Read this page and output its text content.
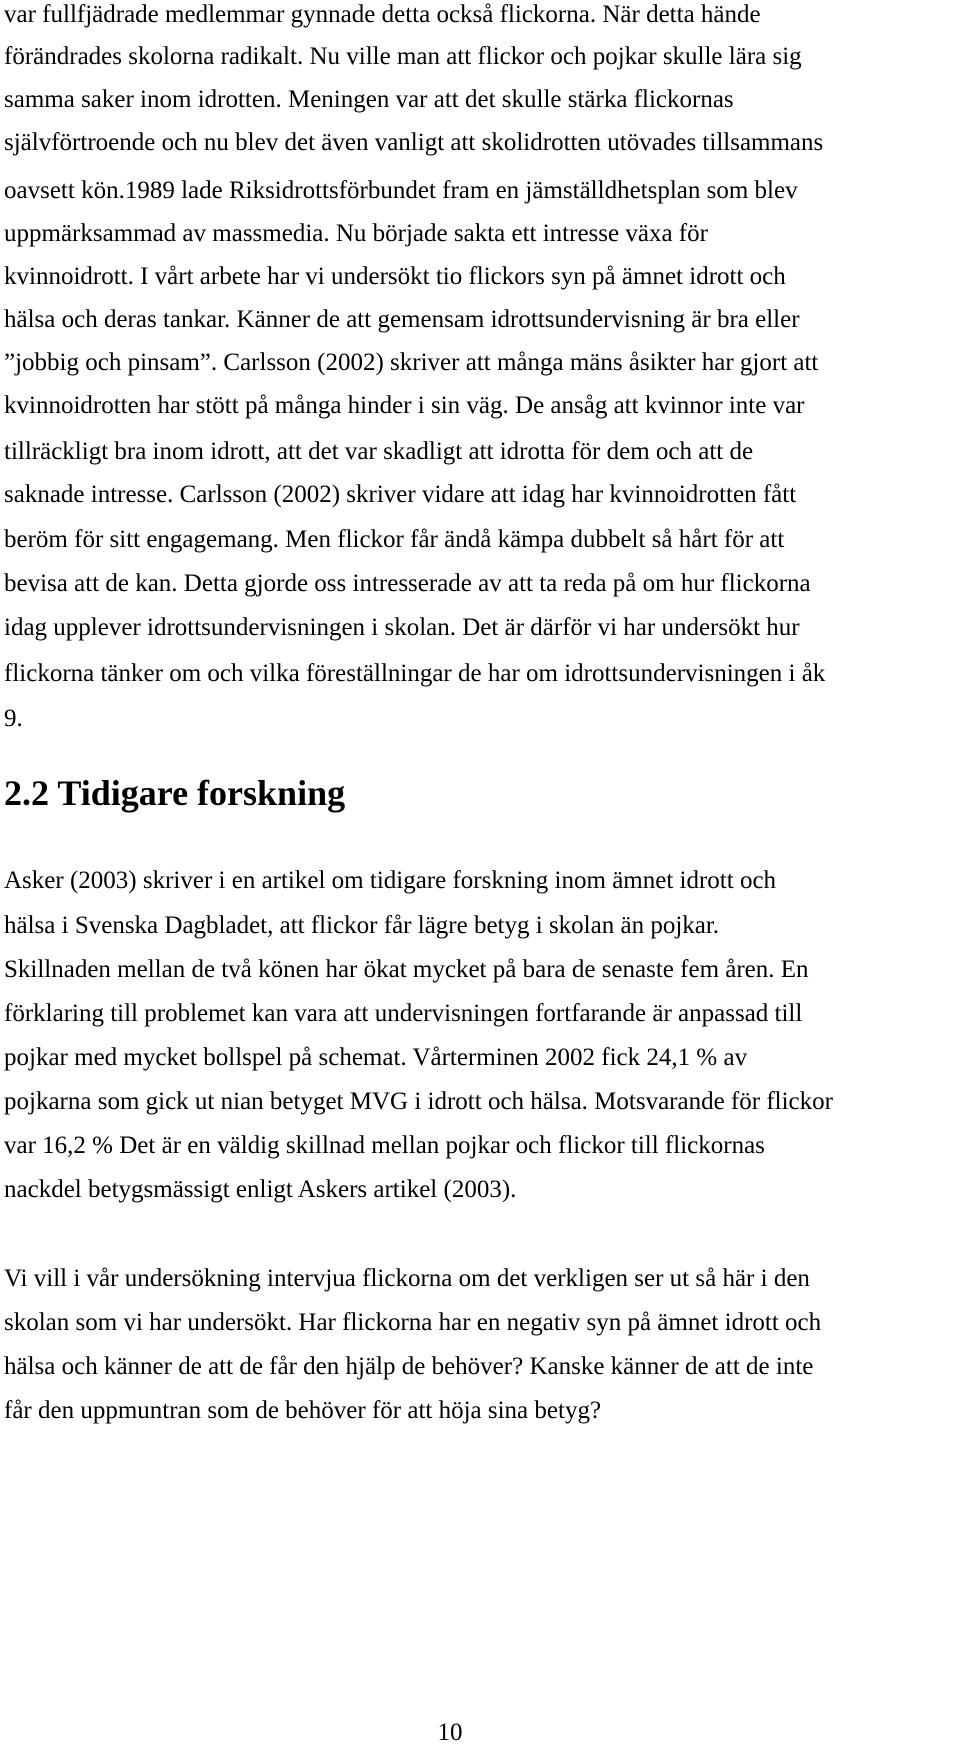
var fullfjädrade medlemmar gynnade detta också flickorna. När detta hände
förändrades skolorna radikalt. Nu ville man att flickor och pojkar skulle lära sig
samma saker inom idrotten. Meningen var att det skulle stärka flickornas
självförtroende och nu blev det även vanligt att skolidrotten utövades tillsammans
oavsett kön.1989 lade Riksidrottsförbundet fram en jämställdhetsplan som blev
uppmärksammad av massmedia. Nu började sakta ett intresse växa för
kvinnoidrott. I vårt arbete har vi undersökt tio flickors syn på ämnet idrott och
hälsa och deras tankar. Känner de att gemensam idrottsundervisning är bra eller
”jobbig och pinsam”. Carlsson (2002) skriver att många mäns åsikter har gjort att
kvinnoidrotten har stött på många hinder i sin väg. De ansåg att kvinnor inte var
tillräckligt bra inom idrott, att det var skadligt att idrotta för dem och att de
saknade intresse. Carlsson (2002) skriver vidare att idag har kvinnoidrotten fått
beröm för sitt engagemang. Men flickor får ändå kämpa dubbelt så hårt för att
bevisa att de kan. Detta gjorde oss intresserade av att ta reda på om hur flickorna
idag upplever idrottsundervisningen i skolan. Det är därför vi har undersökt hur
flickorna tänker om och vilka föreställningar de har om idrottsundervisningen i åk
9.
2.2 Tidigare forskning
Asker (2003) skriver i en artikel om tidigare forskning inom ämnet idrott och
hälsa i Svenska Dagbladet, att flickor får lägre betyg i skolan än pojkar.
Skillnaden mellan de två könen har ökat mycket på bara de senaste fem åren. En
förklaring till problemet kan vara att undervisningen fortfarande är anpassad till
pojkar med mycket bollspel på schemat. Vårterminen 2002 fick 24,1 % av
pojkarna som gick ut nian betyget MVG i idrott och hälsa. Motsvarande för flickor
var 16,2 % Det är en väldig skillnad mellan pojkar och flickor till flickornas
nackdel betygsmässigt enligt Askers artikel (2003).
Vi vill i vår undersökning intervjua flickorna om det verkligen ser ut så här i den
skolan som vi har undersökt. Har flickorna har en negativ syn på ämnet idrott och
hälsa och känner de att de får den hjälp de behöver? Kanske känner de att de inte
får den uppmuntran som de behöver för att höja sina betyg?
10
